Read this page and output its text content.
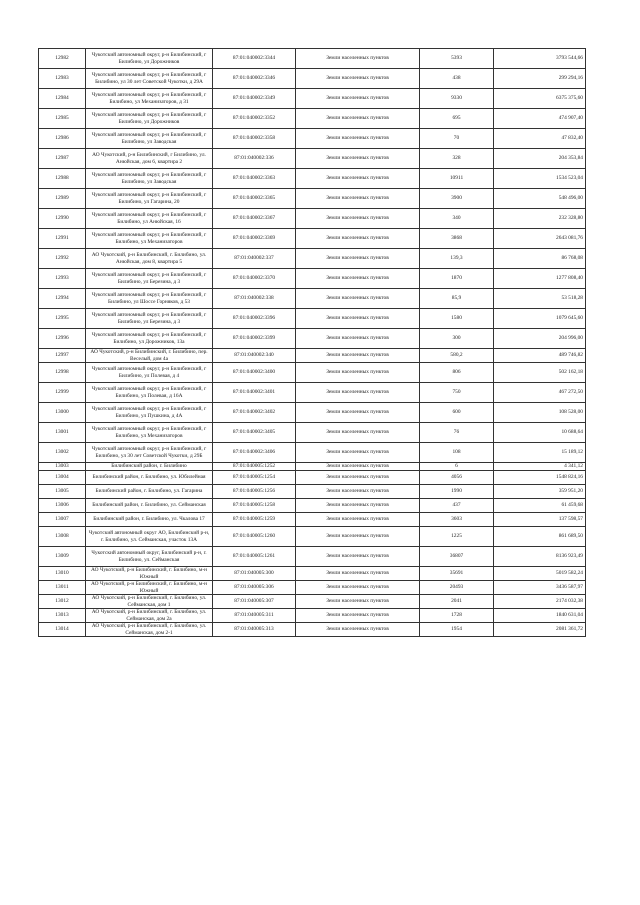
12982	Чукотский автономный округ, р-н Билибинский, г Билибино, ул Дорожников	87:01:040002:3344	Земли населенных пунктов	5393	3793 544,66
12983	Чукотский автономный округ, р-н Билибинский, г Билибино, ул 30 лет Советской Чукотки, д 29А	87:01:040002:3346	Земли населенных пунктов	438	299 294,16
12984	Чукотский автономный округ, р-н Билибинский, г Билибино, ул Механизаторов, д 31	87:01:040002:3349	Земли населенных пунктов	9330	6375 375,60
12985	Чукотский автономный округ, р-н Билибинский, г Билибино, ул Дорожников	87:01:040002:3352	Земли населенных пунктов	695	474 907,40
12986	Чукотский автономный округ, р-н Билибинский, г Билибино, ул Заводская	87:01:040002:3358	Земли населенных пунктов	70	47 832,40
12987	АО Чукотский, р-н Билибинский, г Билибино, ул. Анюйская, дом 6, квартира 2	87:01:040002:336	Земли населенных пунктов	328	204 353,84
12988	Чукотский автономный округ, р-н Билибинский, г Билибино, ул Заводская	87:01:040002:3363	Земли населенных пунктов	10911	1534 523,04
12989	Чукотский автономный округ, р-н Билибинский, г Билибино, ул Гагарина, 20	87:01:040002:3365	Земли населенных пунктов	3900	548 496,00
12990	Чукотский автономный округ, р-н Билибинский, г Билибино, ул Анюйская, 16	87:01:040002:3367	Земли населенных пунктов	340	232 328,80
12991	Чукотский автономный округ, р-н Билибинский, г Билибино, ул Механизаторов	87:01:040002:3369	Земли населенных пунктов	3868	2643 081,76
12992	АО Чукотский, р-н Билибинский, г. Билибино, ул. Анюйская, дом 8, квартира 5	87:01:040002:337	Земли населенных пунктов	139,3	86 768,08
12993	Чукотский автономный округ, р-н Билибинский, г Билибино, ул Березина, д 3	87:01:040002:3370	Земли населенных пунктов	1870	1277 808,40
12994	Чукотский автономный округ, р-н Билибинский, г Билибино, ул Шоссе Горняков, д 53	87:01:040002:338	Земли населенных пунктов	85,9	53 518,28
12995	Чукотский автономный округ, р-н Билибинский, г Билибино, ул Березина, д 3	87:01:040002:3396	Земли населенных пунктов	1580	1079 645,60
12996	Чукотский автономный округ, р-н Билибинский, г Билибино, ул Дорожников, 13а	87:01:040002:3399	Земли населенных пунктов	300	204 996,00
12997	АО Чукотский, р-н Билибинский, г. Билибино, пер. Веселый, дом 4а	87:01:040002:340	Земли населенных пунктов	580,2	489 746,82
12998	Чукотский автономный округ, р-н Билибинский, г Билибино, ул Полевая, д 4	87:01:040002:3400	Земли населенных пунктов	806	502 162,18
12999	Чукотский автономный округ, р-н Билибинский, г Билибино, ул Полевая, д 16А	87:01:040002:3401	Земли населенных пунктов	750	467 272,50
13000	Чукотский автономный округ, р-н Билибинский, г Билибино, ул Пушкина, д 4А	87:01:040002:3402	Земли населенных пунктов	600	108 528,00
13001	Чукотский автономный округ, р-н Билибинский, г Билибино, ул Механизаторов	87:01:040002:3405	Земли населенных пунктов	76	10 688,64
13002	Чукотский автономный округ, р-н Билибинский, г Билибино, ул 30 лет Советской Чукотки, д 29Б	87:01:040002:3406	Земли населенных пунктов	108	15 189,12
13003	Билибинский район, г. Билибино	87:01:040005:1252	Земли населенных пунктов	6	4 341,12
13004	Билибинский район, г. Билибино, ул. Юбилейная	87:01:040005:1254	Земли населенных пунктов	4056	1548 824,16
13005	Билибинский район, г. Билибино, ул. Гагарина	87:01:040005:1256	Земли населенных пунктов	1990	359 951,20
13006	Билибинский район, г. Билибино, ул. Сейманская	87:01:040005:1258	Земли населенных пунктов	437	61 459,68
13007	Билибинский район, г. Билибино, ул. Чкалова 17	87:01:040005:1259	Земли населенных пунктов	3603	137 598,57
13008	Чукотский автономный округ АО, Билибинский р-н, г. Билибино, ул. Сейманская, участок 13А	87:01:040005:1260	Земли населенных пунктов	1225	861 689,50
13009	Чукотский автономный округ, Билибинский р-н, г. Билибино, ул. Сейманская	87:01:040005:1261	Земли населенных пунктов	36807	8136 923,49
13010	АО Чукотский, р-н Билибинский, г. Билибино, м-н Южный	87:01:040005:300	Земли населенных пунктов	35691	5019 582,24
13011	АО Чукотский, р-н Билибинский, г. Билибино, м-н Южный	87:01:040005:306	Земли населенных пунктов	20493	3436 587,97
13012	АО Чукотский, р-н Билибинский, г. Билибино, ул. Сейманская, дом 1	87:01:040005:307	Земли населенных пунктов	2041	2174 032,38
13013	АО Чукотский, р-н Билибинский, г. Билибино, ул. Сейманская, дом 2а	87:01:040005:311	Земли населенных пунктов	1728	1840 631,04
13014	АО Чукотский, р-н Билибинский, г. Билибино, ул. Сейманская, дом 2-1	87:01:040005:313	Земли населенных пунктов	1954	2081 361,72
